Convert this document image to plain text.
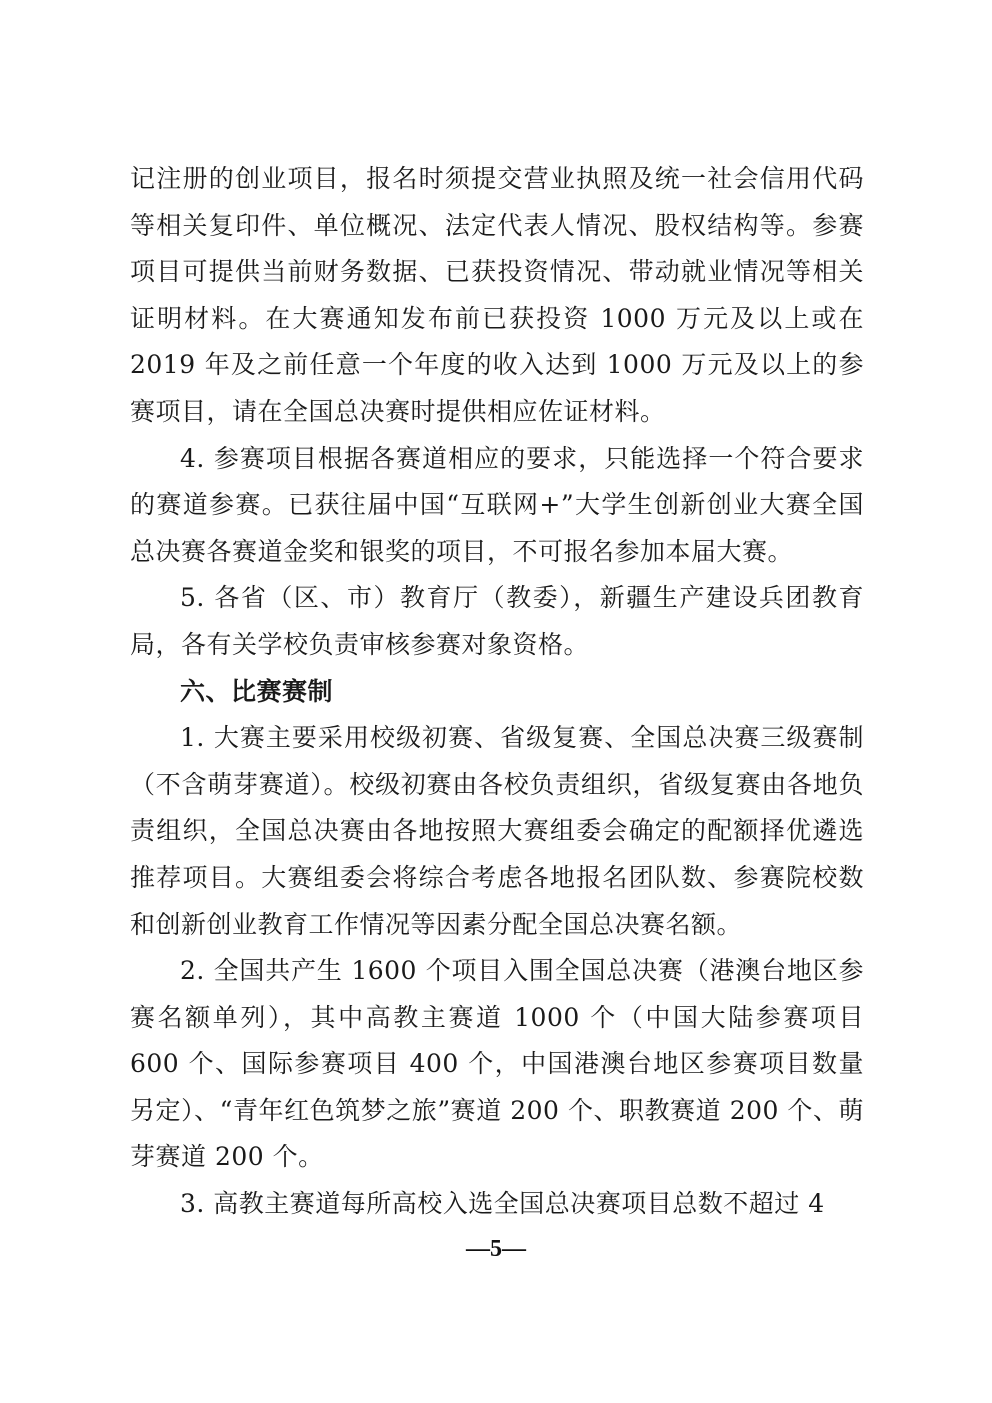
记注册的创业项目，报名时须提交营业执照及统一社会信用代码等相关复印件、单位概况、法定代表人情况、股权结构等。参赛项目可提供当前财务数据、已获投资情况、带动就业情况等相关证明材料。在大赛通知发布前已获投资 1000 万元及以上或在 2019 年及之前任意一个年度的收入达到 1000 万元及以上的参赛项目，请在全国总决赛时提供相应佐证材料。

4. 参赛项目根据各赛道相应的要求，只能选择一个符合要求的赛道参赛。已获往届中国“互联网+”大学生创新创业大赛全国总决赛各赛道金奖和银奖的项目，不可报名参加本届大赛。

5. 各省（区、市）教育厅（教委），新疆生产建设兵团教育局，各有关学校负责审核参赛对象资格。

六、比赛赛制

1. 大赛主要采用校级初赛、省级复赛、全国总决赛三级赛制（不含萌芽赛道）。校级初赛由各校负责组织，省级复赛由各地负责组织，全国总决赛由各地按照大赛组委会确定的配额择优遴选推荐项目。大赛组委会将综合考虑各地报名团队数、参赛院校数和创新创业教育工作情况等因素分配全国总决赛名额。

2. 全国共产生 1600 个项目入围全国总决赛（港澳台地区参赛名额单列），其中高教主赛道 1000 个（中国大陆参赛项目 600 个、国际参赛项目 400 个，中国港澳台地区参赛项目数量另定）、“青年红色筑梦之旅”赛道 200 个、职教赛道 200 个、萌芽赛道 200 个。

3. 高教主赛道每所高校入选全国总决赛项目总数不超过 4

—5—
